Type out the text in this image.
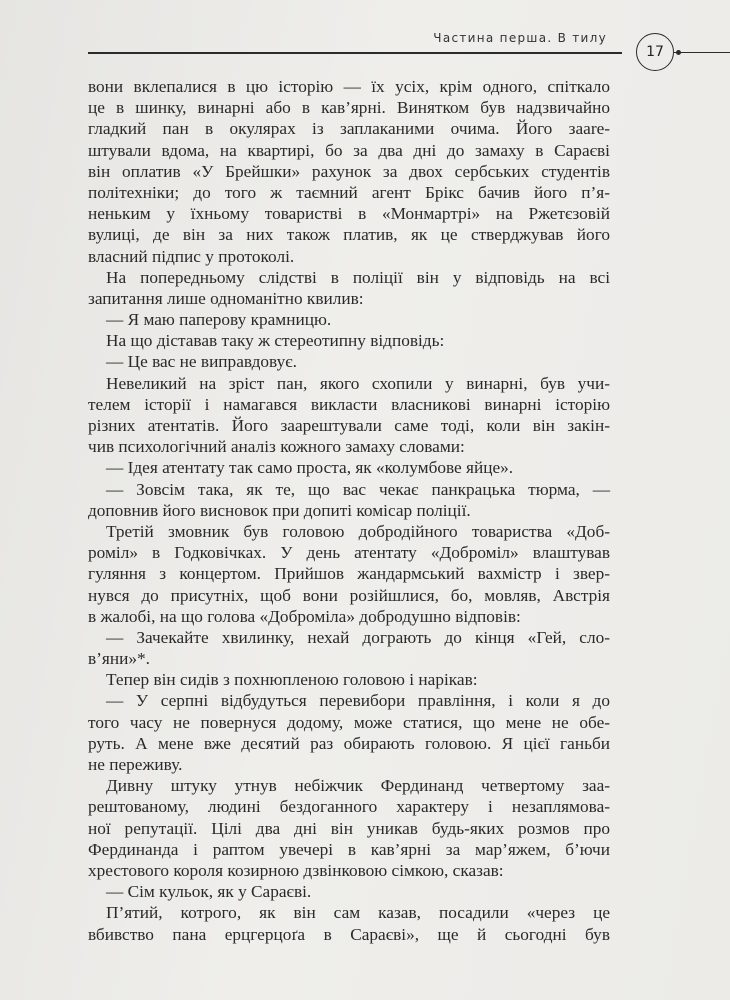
Частина перша. В тилу
17
вони вклепалися в цю історію — їх усіх, крім одного, спіткало
це в шинку, винарні або в кав’ярні. Винятком був надзвичайно
гладкий пан в окулярах із заплаканими очима. Його заare-
штували вдома, на квартирі, бо за два дні до замаху в Сараєві
він оплатив «У Брейшки» рахунок за двох сербських студентів
політехніки; до того ж таємний агент Брікс бачив його п’я-
неньким у їхньому товаристві в «Монмартрі» на Ржетєзовій
вулиці, де він за них також платив, як це стверджував його
власний підпис у протоколі.
На попередньому слідстві в поліції він у відповідь на всі
запитання лише одноманітно квилив:
— Я маю паперову крамницю.
На що діставав таку ж стереотипну відповідь:
— Це вас не виправдовує.
Невеликий на зріст пан, якого схопили у винарні, був учи-
телем історії і намагався викласти власникові винарні історію
різних атентатів. Його заарештували саме тоді, коли він закін-
чив психологічний аналіз кожного замаху словами:
— Ідея атентату так само проста, як «колумбове яйце».
— Зовсім така, як те, що вас чекає панкрацька тюрма, —
доповнив його висновок при допиті комісар поліції.
Третій змовник був головою добродійного товариства «Доб-
роміл» в Годковічках. У день атентату «Доброміл» влаштував
гуляння з концертом. Прийшов жандармський вахмістр і звер-
нувся до присутніх, щоб вони розійшлися, бо, мовляв, Австрія
в жалобі, на що голова «Доброміла» добродушно відповів:
— Зачекайте хвилинку, нехай дограють до кінця «Гей, сло-
в’яни»*.
Тепер він сидів з похнюпленою головою і нарікав:
— У серпні відбудуться перевибори правління, і коли я до
того часу не повернуся додому, може статися, що мене не обе-
руть. А мене вже десятий раз обирають головою. Я цієї ганьби
не переживу.
Дивну штуку утнув небіжчик Фердинанд четвертому заа-
рештованому, людині бездоганного характеру і незаплямова-
ної репутації. Цілі два дні він уникав будь-яких розмов про
Фердинанда і раптом увечері в кав’ярні за мар’яжем, б’ючи
хрестового короля козирною дзвінковою сімкою, сказав:
— Сім кульок, як у Сараєві.
П’ятий, котрого, як він сам казав, посадили «через це
вбивство пана ерцгерцоґа в Сараєві», ще й сьогодні був
